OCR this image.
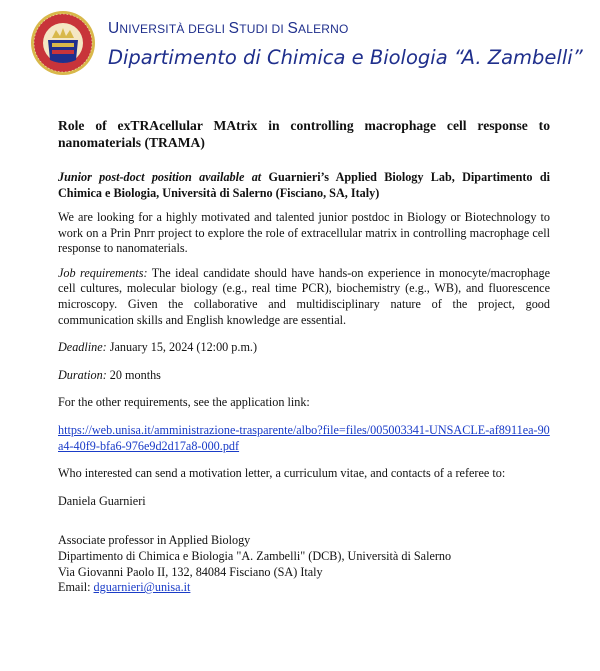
UNIVERSITÀ DEGLI STUDI DI SALERNO
Dipartimento di Chimica e Biologia “A. Zambelli”
Role of exTRAcellular MAtrix in controlling macrophage cell response to nanomaterials (TRAMA)
Junior post-doct position available at Guarnieri’s Applied Biology Lab, Dipartimento di Chimica e Biologia, Università di Salerno (Fisciano, SA, Italy)

We are looking for a highly motivated and talented junior postdoc in Biology or Biotechnology to work on a Prin Pnrr project to explore the role of extracellular matrix in controlling macrophage cell response to nanomaterials.

Job requirements: The ideal candidate should have hands-on experience in monocyte/macrophage cell cultures, molecular biology (e.g., real time PCR), biochemistry (e.g., WB), and fluorescence microscopy. Given the collaborative and multidisciplinary nature of the project, good communication skills and English knowledge are essential.

Deadline: January 15, 2024 (12:00 p.m.)

Duration: 20 months

For the other requirements, see the application link:

https://web.unisa.it/amministrazione-trasparente/albo?file=files/005003341-UNSACLE-af8911ea-90a4-40f9-bfa6-976e9d2d17a8-000.pdf

Who interested can send a motivation letter, a curriculum vitae, and contacts of a referee to:

Daniela Guarnieri

Associate professor in Applied Biology

Dipartimento di Chimica e Biologia "A. Zambelli" (DCB), Università di Salerno

Via Giovanni Paolo II, 132, 84084 Fisciano (SA) Italy

Email: dguarnieri@unisa.it
